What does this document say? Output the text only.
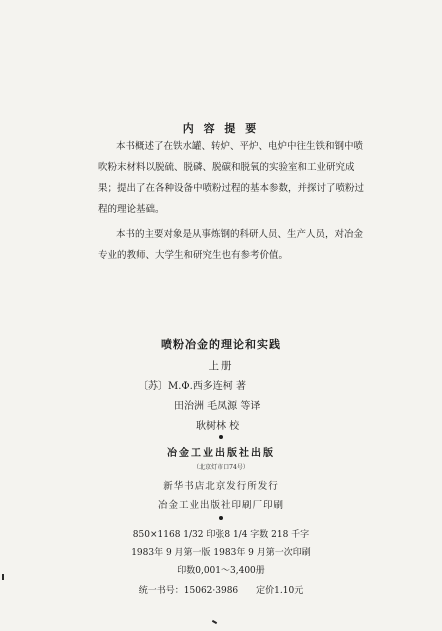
内 容 提 要
本书概述了在铁水罐、转炉、平炉、电炉中往生铁和钢中喷
吹粉末材料以脱硫、脱磷、脱碳和脱氧的实验室和工业研究成
果；提出了在各种设备中喷粉过程的基本参数，并探讨了喷粉过
程的理论基础。
本书的主要对象是从事炼钢的科研人员、生产人员，对冶金
专业的教师、大学生和研究生也有参考价值。
喷粉冶金的理论和实践
上册
〔苏〕M.Φ.西多连柯 著
田治洲 毛凤源 等译
耿树林 校
冶金工业出版社出版
（北京灯市口74号）
新华书店北京发行所发行
冶金工业出版社印刷厂印刷
850×1168 1/32 印张8 1/4 字数 218 千字
1983年 9 月第一版 1983年 9 月第一次印刷
印数0,001～3,400册
统一书号：15062·3986 定价1.10元
